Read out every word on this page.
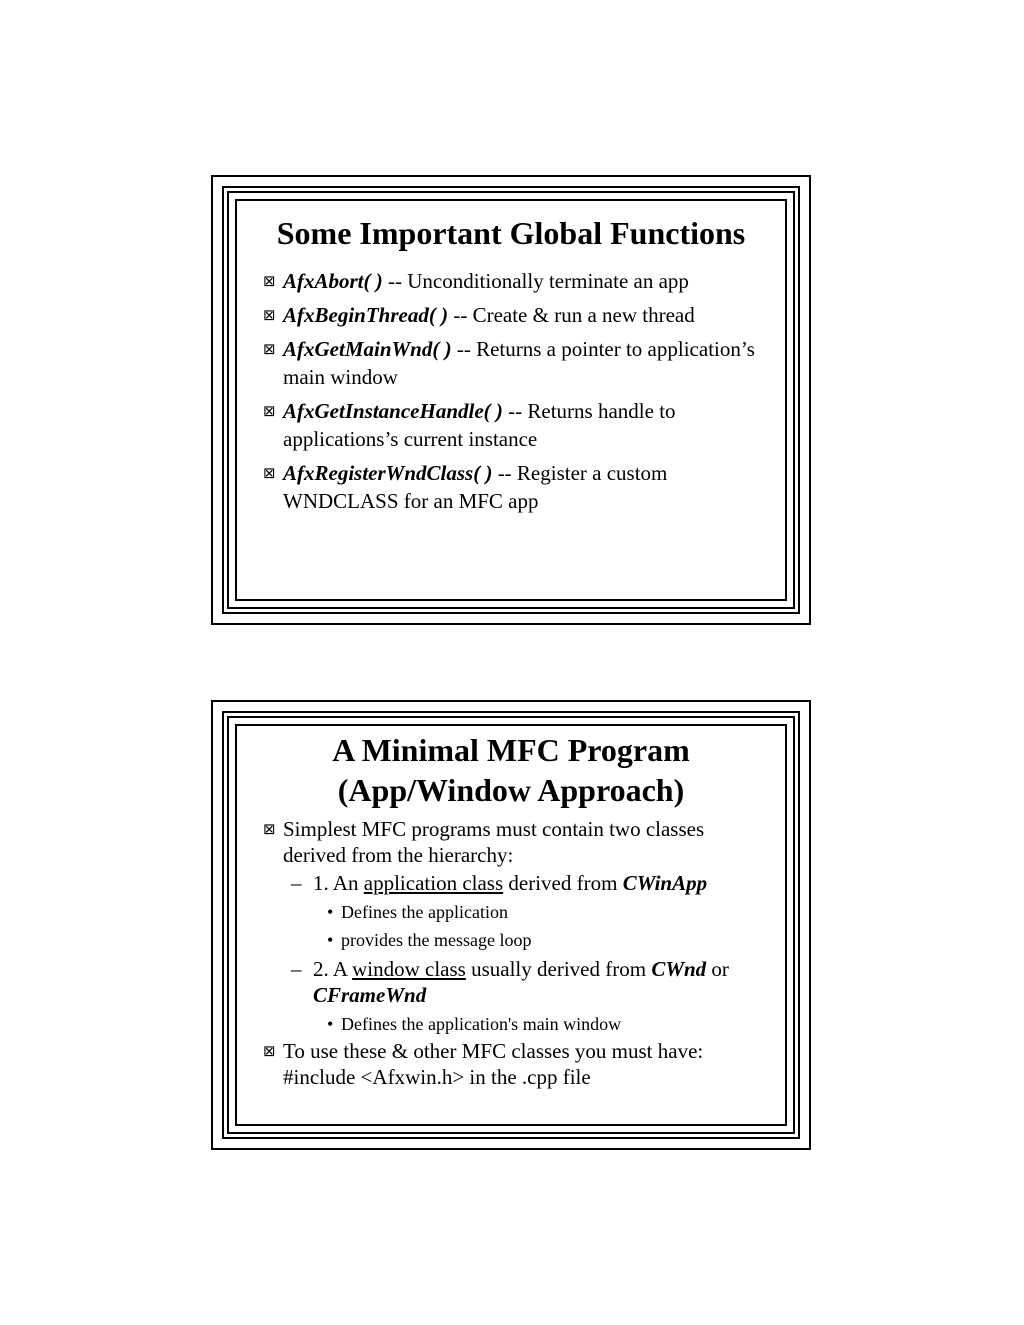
Some Important Global Functions
⊠ AfxAbort( ) -- Unconditionally terminate an app
⊠ AfxBeginThread( ) -- Create & run a new thread
⊠ AfxGetMainWnd( ) -- Returns a pointer to application’s main window
⊠ AfxGetInstanceHandle( ) -- Returns handle to applications’s current instance
⊠ AfxRegisterWndClass( ) -- Register a custom WNDCLASS for an MFC app
A Minimal MFC Program
(App/Window Approach)
⊠ Simplest MFC programs must contain two classes derived from the hierarchy:
– 1. An application class derived from CWinApp
• Defines the application
• provides the message loop
– 2. A window class usually derived from CWnd or CFrameWnd
• Defines the application's main window
⊠ To use these & other MFC classes you must have: #include <Afxwin.h> in the .cpp file
